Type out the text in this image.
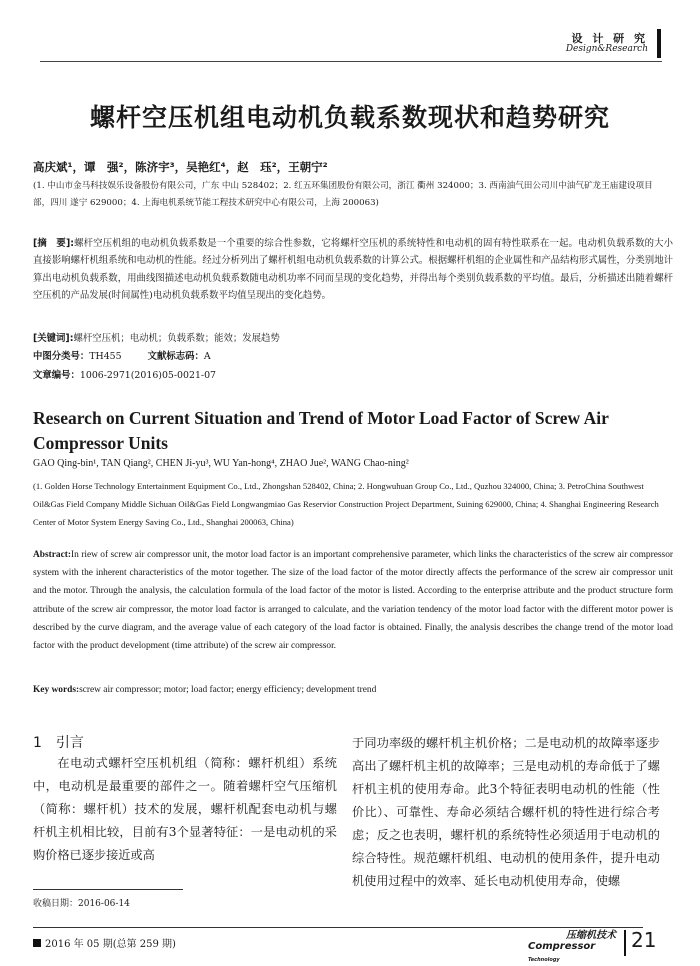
设 计 研 究
Design&Research
螺杆空压机组电动机负载系数现状和趋势研究
高庆斌¹，谭　强²，陈济宇³，吴艳红⁴，赵　珏²，王朝宁²
(1. 中山市金马科技娱乐设备股份有限公司，广东 中山 528402；2. 红五环集团股份有限公司，浙江 衢州 324000；3. 西南油气田公司川中油气矿龙王庙建设项目部，四川 遂宁 629000；4. 上海电机系统节能工程技术研究中心有限公司，上海 200063)
[摘　要]:螺杆空压机组的电动机负载系数是一个重要的综合性参数，它将螺杆空压机的系统特性和电动机的固有特性联系在一起。电动机负载系数的大小直接影响螺杆机组系统和电动机的性能。经过分析列出了螺杆机组电动机负载系数的计算公式。根据螺杆机组的企业属性和产品结构形式属性，分类别地计算出电动机负载系数，用曲线图描述电动机负载系数随电动机功率不同而呈现的变化趋势，并得出每个类别负载系数的平均值。最后，分析描述出随着螺杆空压机的产品发展(时间属性)电动机负载系数平均值呈现出的变化趋势。
[关键词]:螺杆空压机；电动机；负载系数；能效；发展趋势
中图分类号：TH455	文献标志码：A
文章编号：1006-2971(2016)05-0021-07
Research on Current Situation and Trend of Motor Load Factor of Screw Air Compressor Units
GAO Qing-bin¹, TAN Qiang², CHEN Ji-yu³, WU Yan-hong⁴, ZHAO Jue², WANG Chao-ning²
(1. Golden Horse Technology Entertainment Equipment Co., Ltd., Zhongshan 528402, China; 2. Hongwuhuan Group Co., Ltd., Quzhou 324000, China; 3. PetroChina Southwest Oil&Gas Field Company Middle Sichuan Oil&Gas Field Longwangmiao Gas Reservior Construction Project Department, Suining 629000, China; 4. Shanghai Engineering Research Center of Motor System Energy Saving Co., Ltd., Shanghai 200063, China)
Abstract:In riew of screw air compressor unit, the motor load factor is an important comprehensive parameter, which links the characteristics of the screw air compressor system with the inherent characteristics of the motor together. The size of the load factor of the motor directly affects the performance of the screw air compressor unit and the motor. Through the analysis, the calculation formula of the load factor of the motor is listed. According to the enterprise attribute and the product structure form attribute of the screw air compressor, the motor load factor is arranged to calculate, and the variation tendency of the motor load factor with the different motor power is described by the curve diagram, and the average value of each category of the load factor is obtained. Finally, the analysis describes the change trend of the motor load factor with the product development (time attribute) of the screw air compressor.
Key words:screw air compressor; motor; load factor; energy efficiency; development trend
1　引言
在电动式螺杆空压机机组（简称：螺杆机组）系统中，电动机是最重要的部件之一。随着螺杆空气压缩机（简称：螺杆机）技术的发展，螺杆机配套电动机与螺杆机主机相比较，目前有3个显著特征：一是电动机的采购价格已逐步接近或高
于同功率级的螺杆机主机价格；二是电动机的故障率逐步高出了螺杆机主机的故障率；三是电动机的寿命低于了螺杆机主机的使用寿命。此3个特征表明电动机的性能（性价比）、可靠性、寿命必须结合螺杆机的特性进行综合考虑；反之也表明，螺杆机的系统特性必须适用于电动机的综合特性。规范螺杆机组、电动机的使用条件，提升电动机使用过程中的效率、延长电动机使用寿命，使螺
收稿日期：2016-06-14
2016 年 05 期(总第 259 期)
压缩机技术
Compressor Technology
21
